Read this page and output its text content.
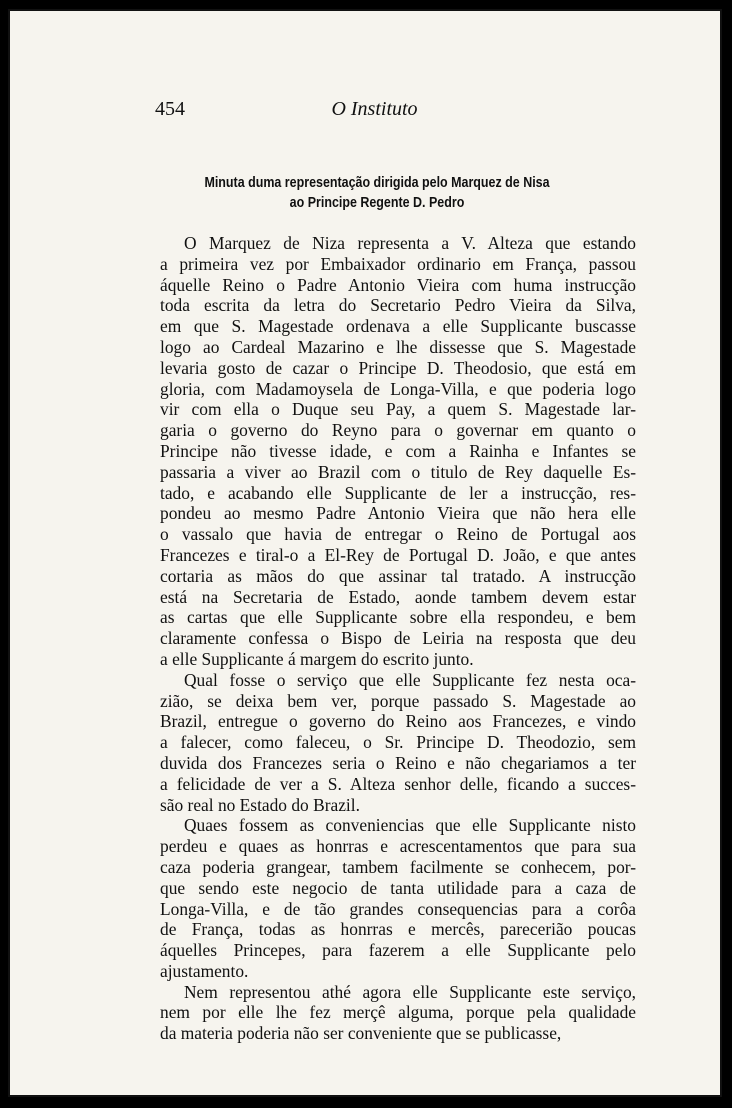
454	O Instituto
Minuta duma representação dirigida pelo Marquez de Nisa
ao Principe Regente D. Pedro
O Marquez de Niza representa a V. Alteza que estando
a primeira vez por Embaixador ordinario em França, passou
áquelle Reino o Padre Antonio Vieira com huma instrucção
toda escrita da letra do Secretario Pedro Vieira da Silva,
em que S. Magestade ordenava a elle Supplicante buscasse
logo ao Cardeal Mazarino e lhe dissesse que S. Magestade
levaria gosto de cazar o Principe D. Theodosio, que está em
gloria, com Madamoysela de Longa-Villa, e que poderia logo
vir com ella o Duque seu Pay, a quem S. Magestade lar-
garia o governo do Reyno para o governar em quanto o
Principe não tivesse idade, e com a Rainha e Infantes se
passaria a viver ao Brazil com o titulo de Rey daquelle Es-
tado, e acabando elle Supplicante de ler a instrucção, res-
pondeu ao mesmo Padre Antonio Vieira que não hera elle
o vassalo que havia de entregar o Reino de Portugal aos
Francezes e tiral-o a El-Rey de Portugal D. João, e que antes
cortaria as mãos do que assinar tal tratado. A instrucção
está na Secretaria de Estado, aonde tambem devem estar
as cartas que elle Supplicante sobre ella respondeu, e bem
claramente confessa o Bispo de Leiria na resposta que deu
a elle Supplicante á margem do escrito junto.
Qual fosse o serviço que elle Supplicante fez nesta oca-
zião, se deixa bem ver, porque passado S. Magestade ao
Brazil, entregue o governo do Reino aos Francezes, e vindo
a falecer, como faleceu, o Sr. Principe D. Theodozio, sem
duvida dos Francezes seria o Reino e não chegariamos a ter
a felicidade de ver a S. Alteza senhor delle, ficando a succes-
são real no Estado do Brazil.
Quaes fossem as conveniencias que elle Supplicante nisto
perdeu e quaes as honrras e acrescentamentos que para sua
caza poderia grangear, tambem facilmente se conhecem, por-
que sendo este negocio de tanta utilidade para a caza de
Longa-Villa, e de tão grandes consequencias para a corôa
de França, todas as honrras e mercês, parecerião poucas
áquelles Princepes, para fazerem a elle Supplicante pelo
ajustamento.
Nem representou athé agora elle Supplicante este serviço,
nem por elle lhe fez merçê alguma, porque pela qualidade
da materia poderia não ser conveniente que se publicasse,
